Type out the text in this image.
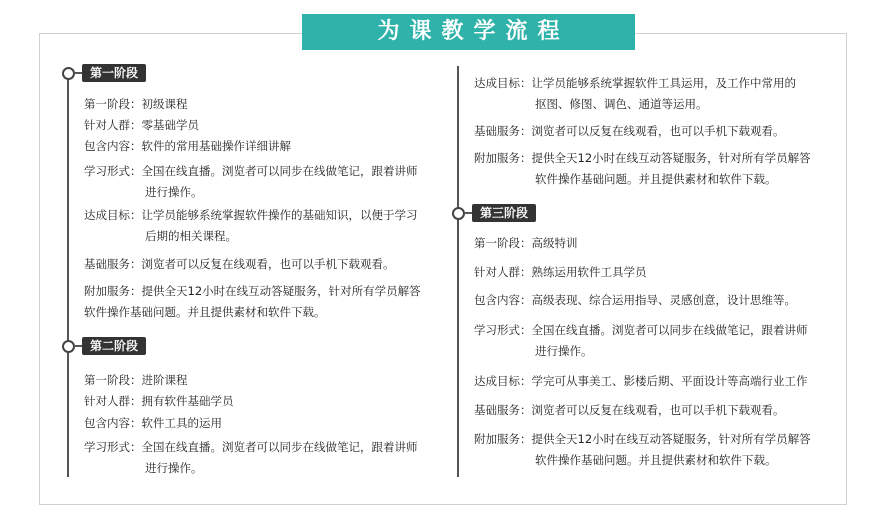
为课教学流程
第一阶段
第二阶段
第三阶段
第一阶段：初级课程
针对人群：零基础学员
包含内容：软件的常用基础操作详细讲解
学习形式：全国在线直播。浏览者可以同步在线做笔记，跟着讲师
进行操作。
达成目标：让学员能够系统掌握软件操作的基础知识，以便于学习
后期的相关课程。
基础服务：浏览者可以反复在线观看，也可以手机下载观看。
附加服务：提供全天12小时在线互动答疑服务，针对所有学员解答
软件操作基础问题。并且提供素材和软件下载。
第一阶段：进阶课程
针对人群：拥有软件基础学员
包含内容：软件工具的运用
学习形式：全国在线直播。浏览者可以同步在线做笔记，跟着讲师
进行操作。
达成目标：让学员能够系统掌握软件工具运用，及工作中常用的
抠图、修图、调色、通道等运用。
基础服务：浏览者可以反复在线观看，也可以手机下载观看。
附加服务：提供全天12小时在线互动答疑服务，针对所有学员解答
软件操作基础问题。并且提供素材和软件下载。
第一阶段：高级特训
针对人群：熟练运用软件工具学员
包含内容：高级表现、综合运用指导、灵感创意，设计思维等。
学习形式：全国在线直播。浏览者可以同步在线做笔记，跟着讲师
进行操作。
达成目标：学完可从事美工、影楼后期、平面设计等高端行业工作
基础服务：浏览者可以反复在线观看，也可以手机下载观看。
附加服务：提供全天12小时在线互动答疑服务，针对所有学员解答
软件操作基础问题。并且提供素材和软件下载。
